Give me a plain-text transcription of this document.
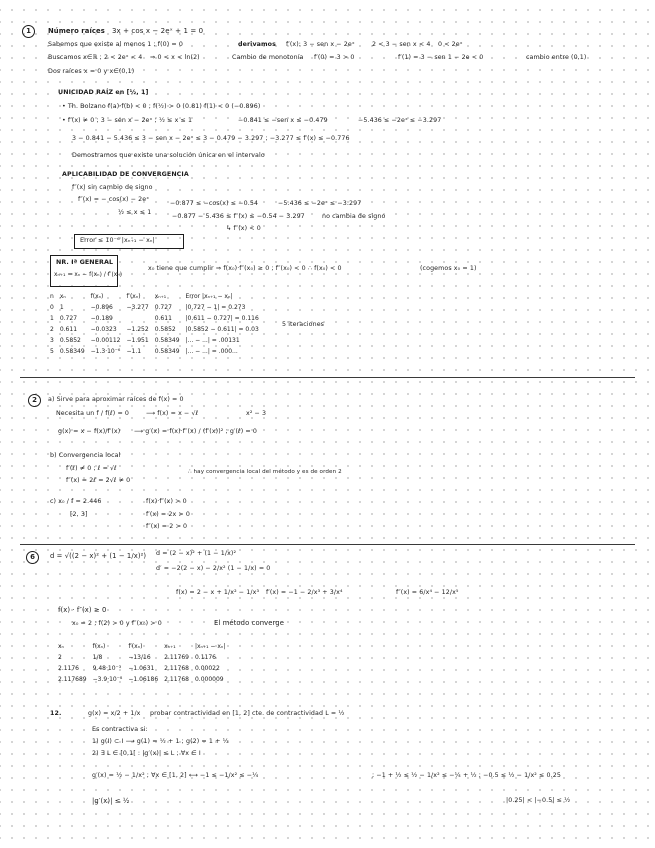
1	Número raíces 3x + cos x − 2eˣ + 1 = 0
Sabemos que existe al menos 1 ; f(0) = 0	derivamos f′(x): 3 − sen x − 2eˣ	2 < 3 − sen x < 4 0 < 2eˣ
Buscamos x∈ℝ ; 2 < 2eˣ < 4 ⇒ 0 < x < ln(2)	Cambio de monotonía f′(0) = 3 > 0	f′(1) = 3 − sen 1 − 2e < 0	cambio entre (0,1)
Dos raíces x = 0 y x∈(0,1)
UNICIDAD RAÍZ en [½, 1]
• Th. Bolzano f(a)·f(b) < 0 ; f(½) > 0 (0.81) f(1) < 0 (−0.896)
• f′(x) ≠ 0 ; 3 − sen x − 2eˣ ; ½ ≤ x ≤ 1	−0.841 ≤ −sen x ≤ −0.479	−5.436 ≤ −2eˣ ≤ −3.297
3 − 0.841 − 5.436 ≤ 3 − sen x − 2eˣ ≤ 3 − 0.479 − 3.297 ; −3.277 ≤ f′(x) ≤ −0.776
Demostramos que existe una solución única en el intervalo
APLICABILIDAD DE CONVERGENCIA
f″(x) sin cambio de signo
f″(x) = − cos(x) − 2eˣ
−0.877 ≤ −cos(x) ≤ −0.54	−5.436 ≤ −2eˣ ≤ −3.297
½ ≤ x ≤ 1
−0.877 − 5.436 ≤ f″(x) ≤ −0.54 − 3.297	no cambia de signo
↳ f″(x) < 0
Error ≤ 10⁻⁶ |xₙ₊₁ − xₙ|
NR. Iª GENERAL
xₙ₊₁ = xₙ − f(xₙ) / f′(xₙ)
x₀ tiene que cumplir ⇒ f(x₀)·f″(x₀) ≥ 0 ; f″(x₀) < 0 ∴ f(x₀) < 0	(cogemos x₀ = 1)
n	xₙ	f(xₙ)	f′(xₙ)	xₙ₊₁	Error |xₙ₊₁ − xₙ|
0	1	−0.896	−3.277	0.727	|0.727 − 1| = 0.273
1	0.727	−0.189		0.611	|0.611 − 0.727| = 0.116
2	0.611	−0.0323	−1.252	0.5852	|0.5852 − 0.611| = 0.03
3	0.5852	−0.00112	−1.951	0.58349	|... − ...| = .00131
5	0.58349	−1.3·10⁻⁶	−1.1	0.58349	|... − ...| = .000...
5 iteraciones
2	a) Sirve para aproximar raíces de f(x) = 0
Necesita un f / f(ℓ) = 0	⟶ f(x) = x − √ℓ	x² − 3
g(x) = x − f(x)/f′(x) ⟶ g′(x) = f(x)·f″(x) / (f′(x))² ; g′(ℓ) = 0
b) Convergencia local
f′(ℓ) ≠ 0 ; ℓ = √ℓ	∴ hay convergencia local del método y es de orden 2
f″(x) = 2ℓ = 2√ℓ ≠ 0
c) x₀ / f = 2.446	f(x)·f″(x) > 0
[2, 3]	f′(x) = 2x > 0
f″(x) = 2 > 0
6	d = √((2 − x)² + (1 − 1/x)²) d = (2 − x)² + (1 − 1/x)²
d′ = −2(2 − x) − 2/x² (1 − 1/x) = 0
f(x) = 2 − x + 1/x² − 1/x³ f′(x) = −1 − 2/x³ + 3/x⁴	f″(x) = 6/x⁴ − 12/x⁵
f(x) · f″(x) ≥ 0
x₀ = 2 ; f(2) > 0 y f″(x₀) > 0	El método converge
xₙ	f(xₙ)	f′(xₙ)	xₙ₊₁	|xₙ₊₁ − xₙ|
2	1/8	−13/16	2.11769	0.1176
2.1176	9.48·10⁻³	−1.0631	2.11768	0.00022
2.117689	−3.9·10⁻⁸	−1.06186	2.11768	0.000009
12.	g(x) = x/2 + 1/x probar contractividad en [1, 2] cte. de contractividad L = ½
Es contractiva si:
1) g(I) ⊂ I ⟶ g(1) = ½ + 1 ; g(2) = 1 + ½
2) ∃ L ∈ [0,1[ : |g′(x)| ≤ L ; ∀x ∈ I
g′(x) = ½ − 1/x² ; ∀x ∈ [1, 2] ⟷ −1 ≤ −1/x² ≤ −¼	; −1 + ½ ≤ ½ − 1/x² ≤ −¼ + ½ ; −0.5 ≤ ½ − 1/x² ≤ 0.25
|g′(x)| ≤ ½	|0.25| < |−0.5| ≤ ½
